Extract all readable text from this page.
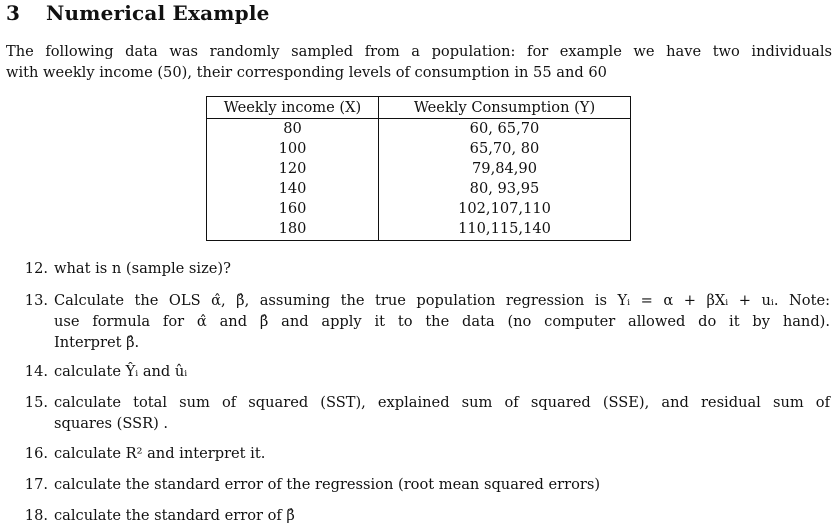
3 Numerical Example
The following data was randomly sampled from a population: for example we have two individuals
with weekly income (50), their corresponding levels of consumption in 55 and 60
Weekly income (X)	Weekly Consumption (Y)
80	60, 65,70
100	65,70, 80
120	79,84,90
140	80, 93,95
160	102,107,110
180	110,115,140
12. what is n (sample size)?
13. Calculate the OLS α̂, β̂, assuming the true population regression is Yᵢ = α + βXᵢ + uᵢ. Note:
use formula for α̂ and β̂ and apply it to the data (no computer allowed do it by hand).
Interpret β̂.
14. calculate Ŷᵢ and ûᵢ
15. calculate total sum of squared (SST), explained sum of squared (SSE), and residual sum of
squares (SSR) .
16. calculate R² and interpret it.
17. calculate the standard error of the regression (root mean squared errors)
18. calculate the standard error of β̂
